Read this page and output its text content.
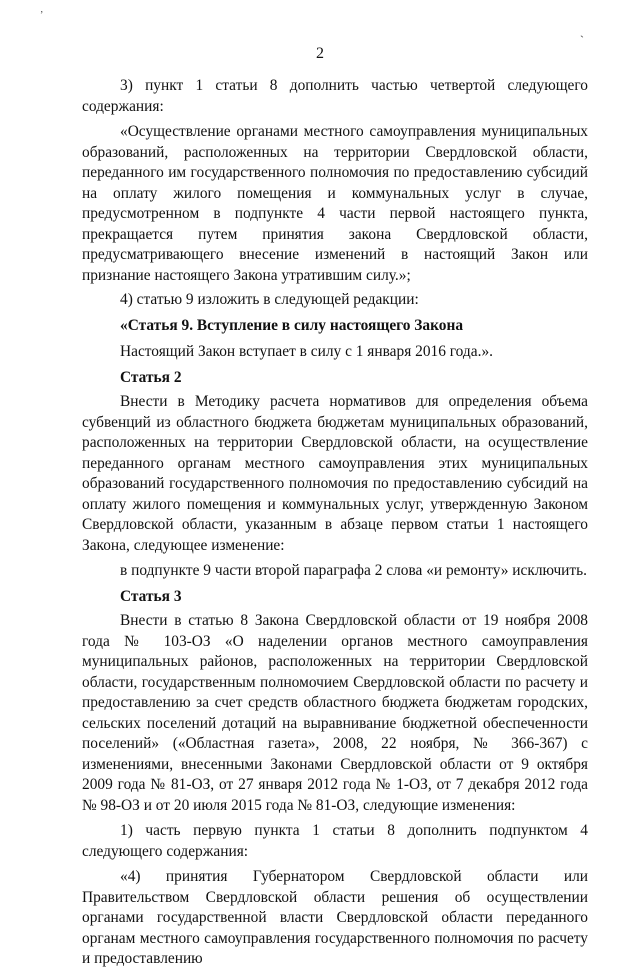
’
ˋ
2

3) пункт 1 статьи 8 дополнить частью четвертой следующего содержания:

«Осуществление органами местного самоуправления муниципальных образований, расположенных на территории Свердловской области, переданного им государственного полномочия по предоставлению субсидий на оплату жилого помещения и коммунальных услуг в случае, предусмотренном в подпункте 4 части первой настоящего пункта, прекращается путем принятия закона Свердловской области, предусматривающего внесение изменений в настоящий Закон или признание настоящего Закона утратившим силу.»;

4) статью 9 изложить в следующей редакции:

«Статья 9. Вступление в силу настоящего Закона

Настоящий Закон вступает в силу с 1 января 2016 года.».

Статья 2

Внести в Методику расчета нормативов для определения объема субвенций из областного бюджета бюджетам муниципальных образований, расположенных на территории Свердловской области, на осуществление переданного органам местного самоуправления этих муниципальных образований государственного полномочия по предоставлению субсидий на оплату жилого помещения и коммунальных услуг, утвержденную Законом Свердловской области, указанным в абзаце первом статьи 1 настоящего Закона, следующее изменение:

в подпункте 9 части второй параграфа 2 слова «и ремонту» исключить.

Статья 3

Внести в статью 8 Закона Свердловской области от 19 ноября 2008 года № 103-ОЗ «О наделении органов местного самоуправления муниципальных районов, расположенных на территории Свердловской области, государственным полномочием Свердловской области по расчету и предоставлению за счет средств областного бюджета бюджетам городских, сельских поселений дотаций на выравнивание бюджетной обеспеченности поселений» («Областная газета», 2008, 22 ноября, № 366-367) с изменениями, внесенными Законами Свердловской области от 9 октября 2009 года № 81-ОЗ, от 27 января 2012 года № 1-ОЗ, от 7 декабря 2012 года № 98-ОЗ и от 20 июля 2015 года № 81-ОЗ, следующие изменения:

1) часть первую пункта 1 статьи 8 дополнить подпунктом 4 следующего содержания:

«4) принятия Губернатором Свердловской области или Правительством Свердловской области решения об осуществлении органами государственной власти Свердловской области переданного органам местного самоуправления государственного полномочия по расчету и предоставлению
